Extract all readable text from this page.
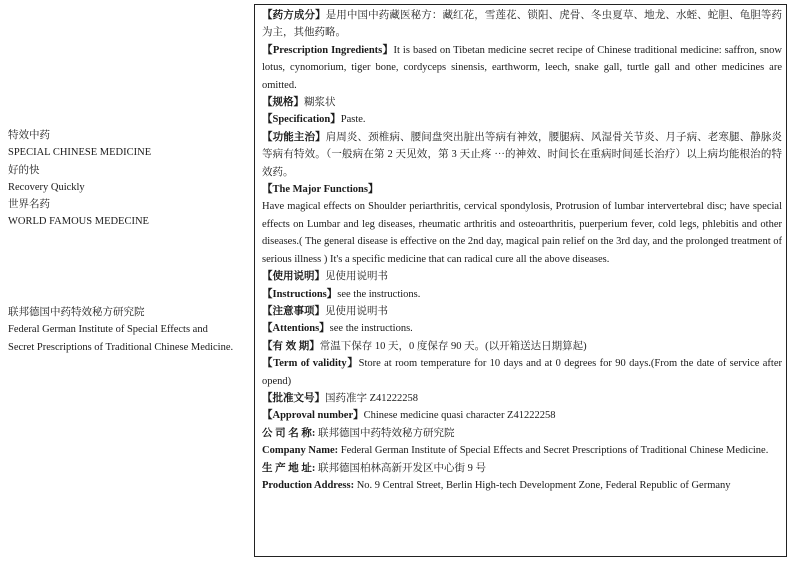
特效中药

SPECIAL CHINESE MEDICINE

好的快

Recovery Quickly

世界名药

WORLD FAMOUS MEDECINE

联邦德国中药特效秘方研究院

Federal German Institute of Special Effects and Secret Prescriptions of Traditional Chinese Medicine.

【药方成分】是用中国中药藏医秘方：藏红花，雪莲花、锁阳、虎骨、冬虫夏草、地龙、水蛭、蛇胆、龟胆等药为主，其他药略。

【Prescription Ingredients】It is based on Tibetan medicine secret recipe of Chinese traditional medicine: saffron, snow lotus, cynomorium, tiger bone, cordyceps sinensis, earthworm, leech, snake gall, turtle gall and other medicines are omitted.

【规格】糊浆状

【Specification】Paste.

【功能主治】肩周炎、颈椎病、腰间盘突出脏出等病有神效，腰腿病、风湿骨关节炎、月子病、老寒腿、静脉炎等病有特效。（一般病在第 2 天见效，第 3 天止疼 ···的神效、时间长在重病时间延长治疗）以上病均能根治的特效药。

【The Major Functions】

Have magical effects on Shoulder periarthritis, cervical spondylosis, Protrusion of lumbar intervertebral disc; have special effects on Lumbar and leg diseases, rheumatic arthritis and osteoarthritis, puerperium fever, cold legs, phlebitis and other diseases.( The general disease is effective on the 2nd day, magical pain relief on the 3rd day, and the prolonged treatment of serious illness ) It's a specific medicine that can radical cure all the above diseases.

【使用说明】见使用说明书

【Instructions】see the instructions.

【注意事项】见使用说明书

【Attentions】see the instructions.

【有 效 期】常温下保存 10 天，0 度保存 90 天。(以开箱送达日期算起)

【Term of validity】Store at room temperature for 10 days and at 0 degrees for 90 days.(From the date of service after opend)

【批准文号】国药准字 Z41222258

【Approval number】Chinese medicine quasi character Z41222258

公 司 名 称: 联邦德国中药特效秘方研究院

Company Name: Federal German Institute of Special Effects and Secret Prescriptions of Traditional Chinese Medicine.

生 产 地 址: 联邦德国柏林高新开发区中心街 9 号

Production Address: No. 9 Central Street, Berlin High-tech Development Zone, Federal Republic of Germany
